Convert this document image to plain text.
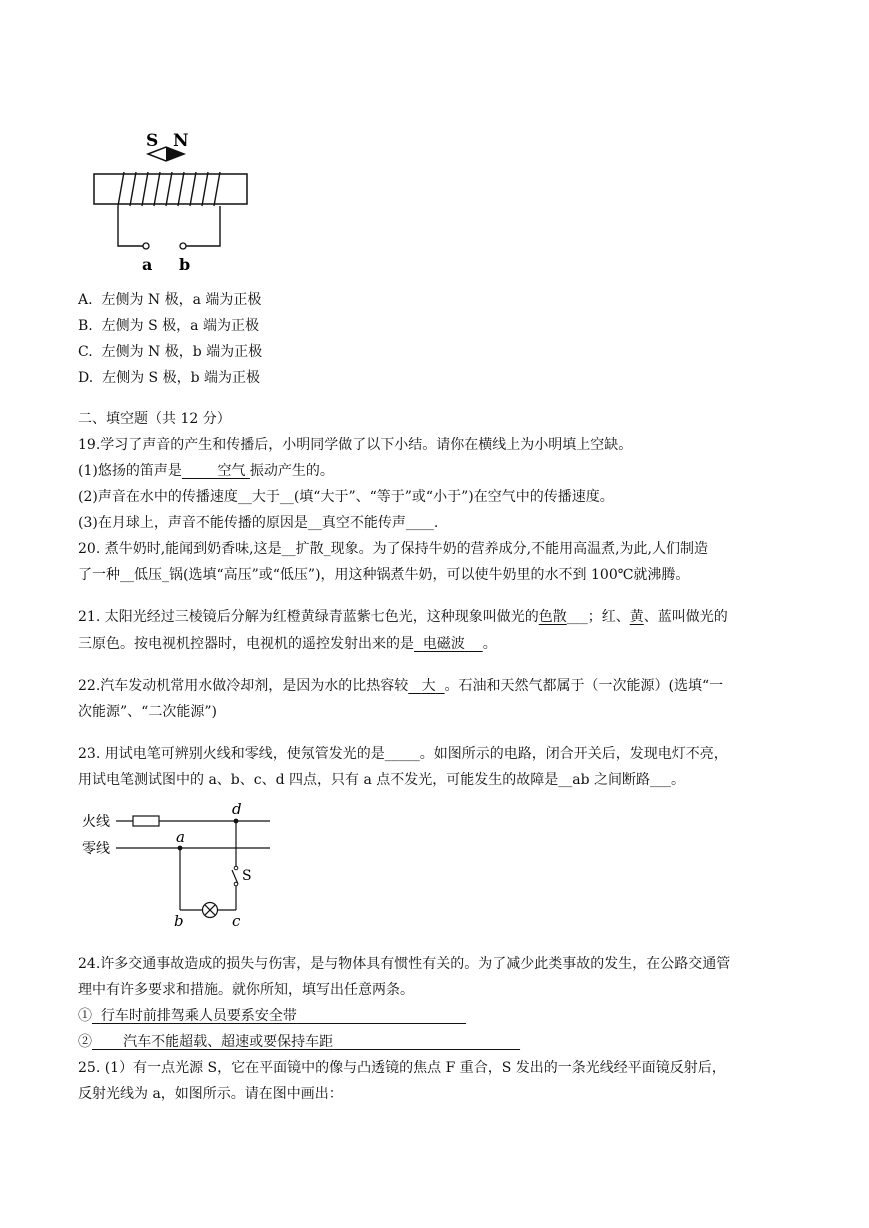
S N
a b
A. 左侧为 N 极，a 端为正极
B. 左侧为 S 极，a 端为正极
C. 左侧为 N 极，b 端为正极
D. 左侧为 S 极，b 端为正极
二、填空题（共 12 分）
19.学习了声音的产生和传播后，小明同学做了以下小结。请你在横线上为小明填上空缺。
(1)悠扬的笛声是	空气 振动产生的。
(2)声音在水中的传播速度__大于__(填“大于”、“等于”或“小于”)在空气中的传播速度。
(3)在月球上，声音不能传播的原因是__真空不能传声____.
20. 煮牛奶时,能闻到奶香味,这是__扩散_现象。为了保持牛奶的营养成分,不能用高温煮,为此,人们制造
了一种__低压_锅(选填“高压”或“低压”)，用这种锅煮牛奶，可以使牛奶里的水不到 100℃就沸腾。
21. 太阳光经过三棱镜后分解为红橙黄绿青蓝紫七色光，这种现象叫做光的色散___；红、黄、蓝叫做光的
三原色。按电视机控器时，电视机的遥控发射出来的是 电磁波 。
22.汽车发动机常用水做冷却剂，是因为水的比热容较 大 。石油和天然气都属于（一次能源）(选填“一
次能源”、“二次能源”)
23. 用试电笔可辨别火线和零线，使氖管发光的是_____。如图所示的电路，闭合开关后，发现电灯不亮，
用试电笔测试图中的 a、b、c、d 四点，只有 a 点不发光，可能发生的故障是__ab 之间断路___。
火线
零线
d
a
S
b	c
24.许多交通事故造成的损失与伤害，是与物体具有惯性有关的。为了减少此类事故的发生，在公路交通管
理中有许多要求和措施。就你所知，填写出任意两条。
① 行车时前排驾乘人员要系安全带
② 汽车不能超载、超速或要保持车距
25. (1）有一点光源 S，它在平面镜中的像与凸透镜的焦点 F 重合，S 发出的一条光线经平面镜反射后，
反射光线为 a，如图所示。请在图中画出：
